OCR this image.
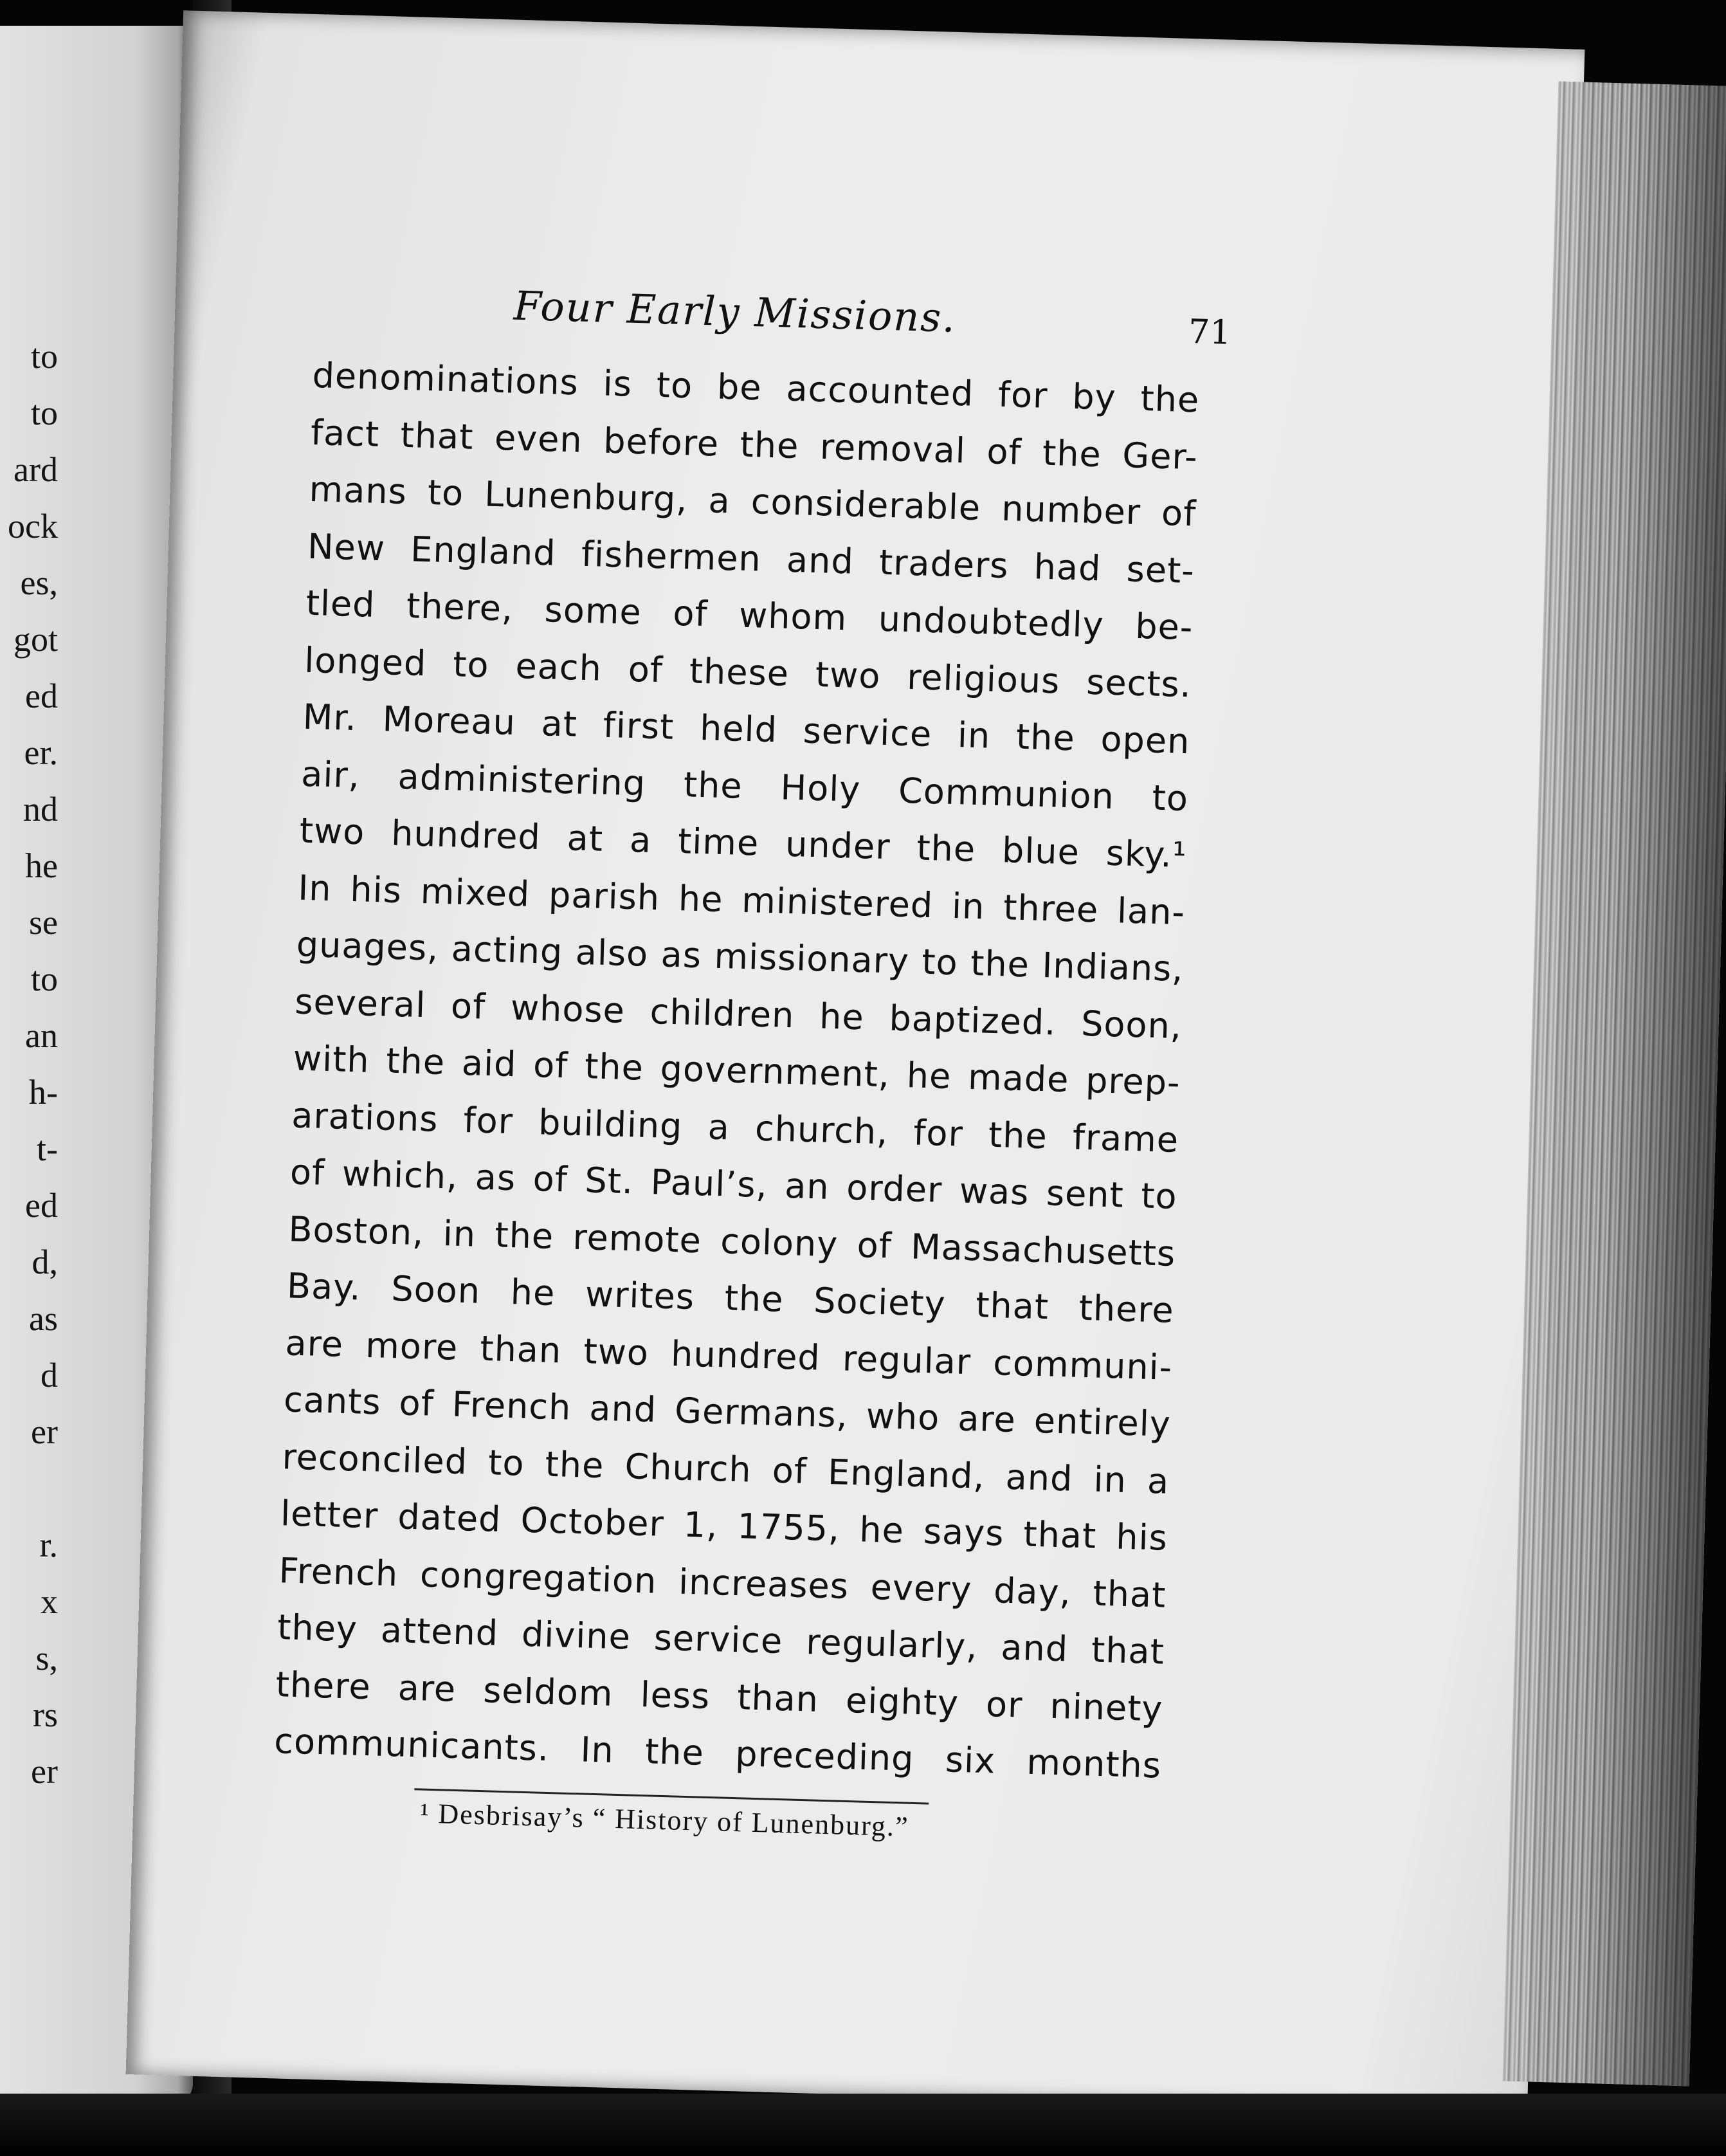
to
to
ard
ock
es,
got
ed
er.
nd
he
se
to
an
h-
t-
ed
d,
as
d
er
r.
x
s,
rs
er
Four Early Missions.	71
denominations is to be accounted for by the
fact that even before the removal of the Ger-
mans to Lunenburg, a considerable number of
New England fishermen and traders had set-
tled there, some of whom undoubtedly be-
longed to each of these two religious sects.
Mr. Moreau at first held service in the open
air, administering the Holy Communion to
two hundred at a time under the blue sky.¹
In his mixed parish he ministered in three lan-
guages, acting also as missionary to the Indians,
several of whose children he baptized. Soon,
with the aid of the government, he made prep-
arations for building a church, for the frame
of which, as of St. Paul’s, an order was sent to
Boston, in the remote colony of Massachusetts
Bay. Soon he writes the Society that there
are more than two hundred regular communi-
cants of French and Germans, who are entirely
reconciled to the Church of England, and in a
letter dated October 1, 1755, he says that his
French congregation increases every day, that
they attend divine service regularly, and that
there are seldom less than eighty or ninety
communicants. In the preceding six months
¹ Desbrisay’s “ History of Lunenburg.”
